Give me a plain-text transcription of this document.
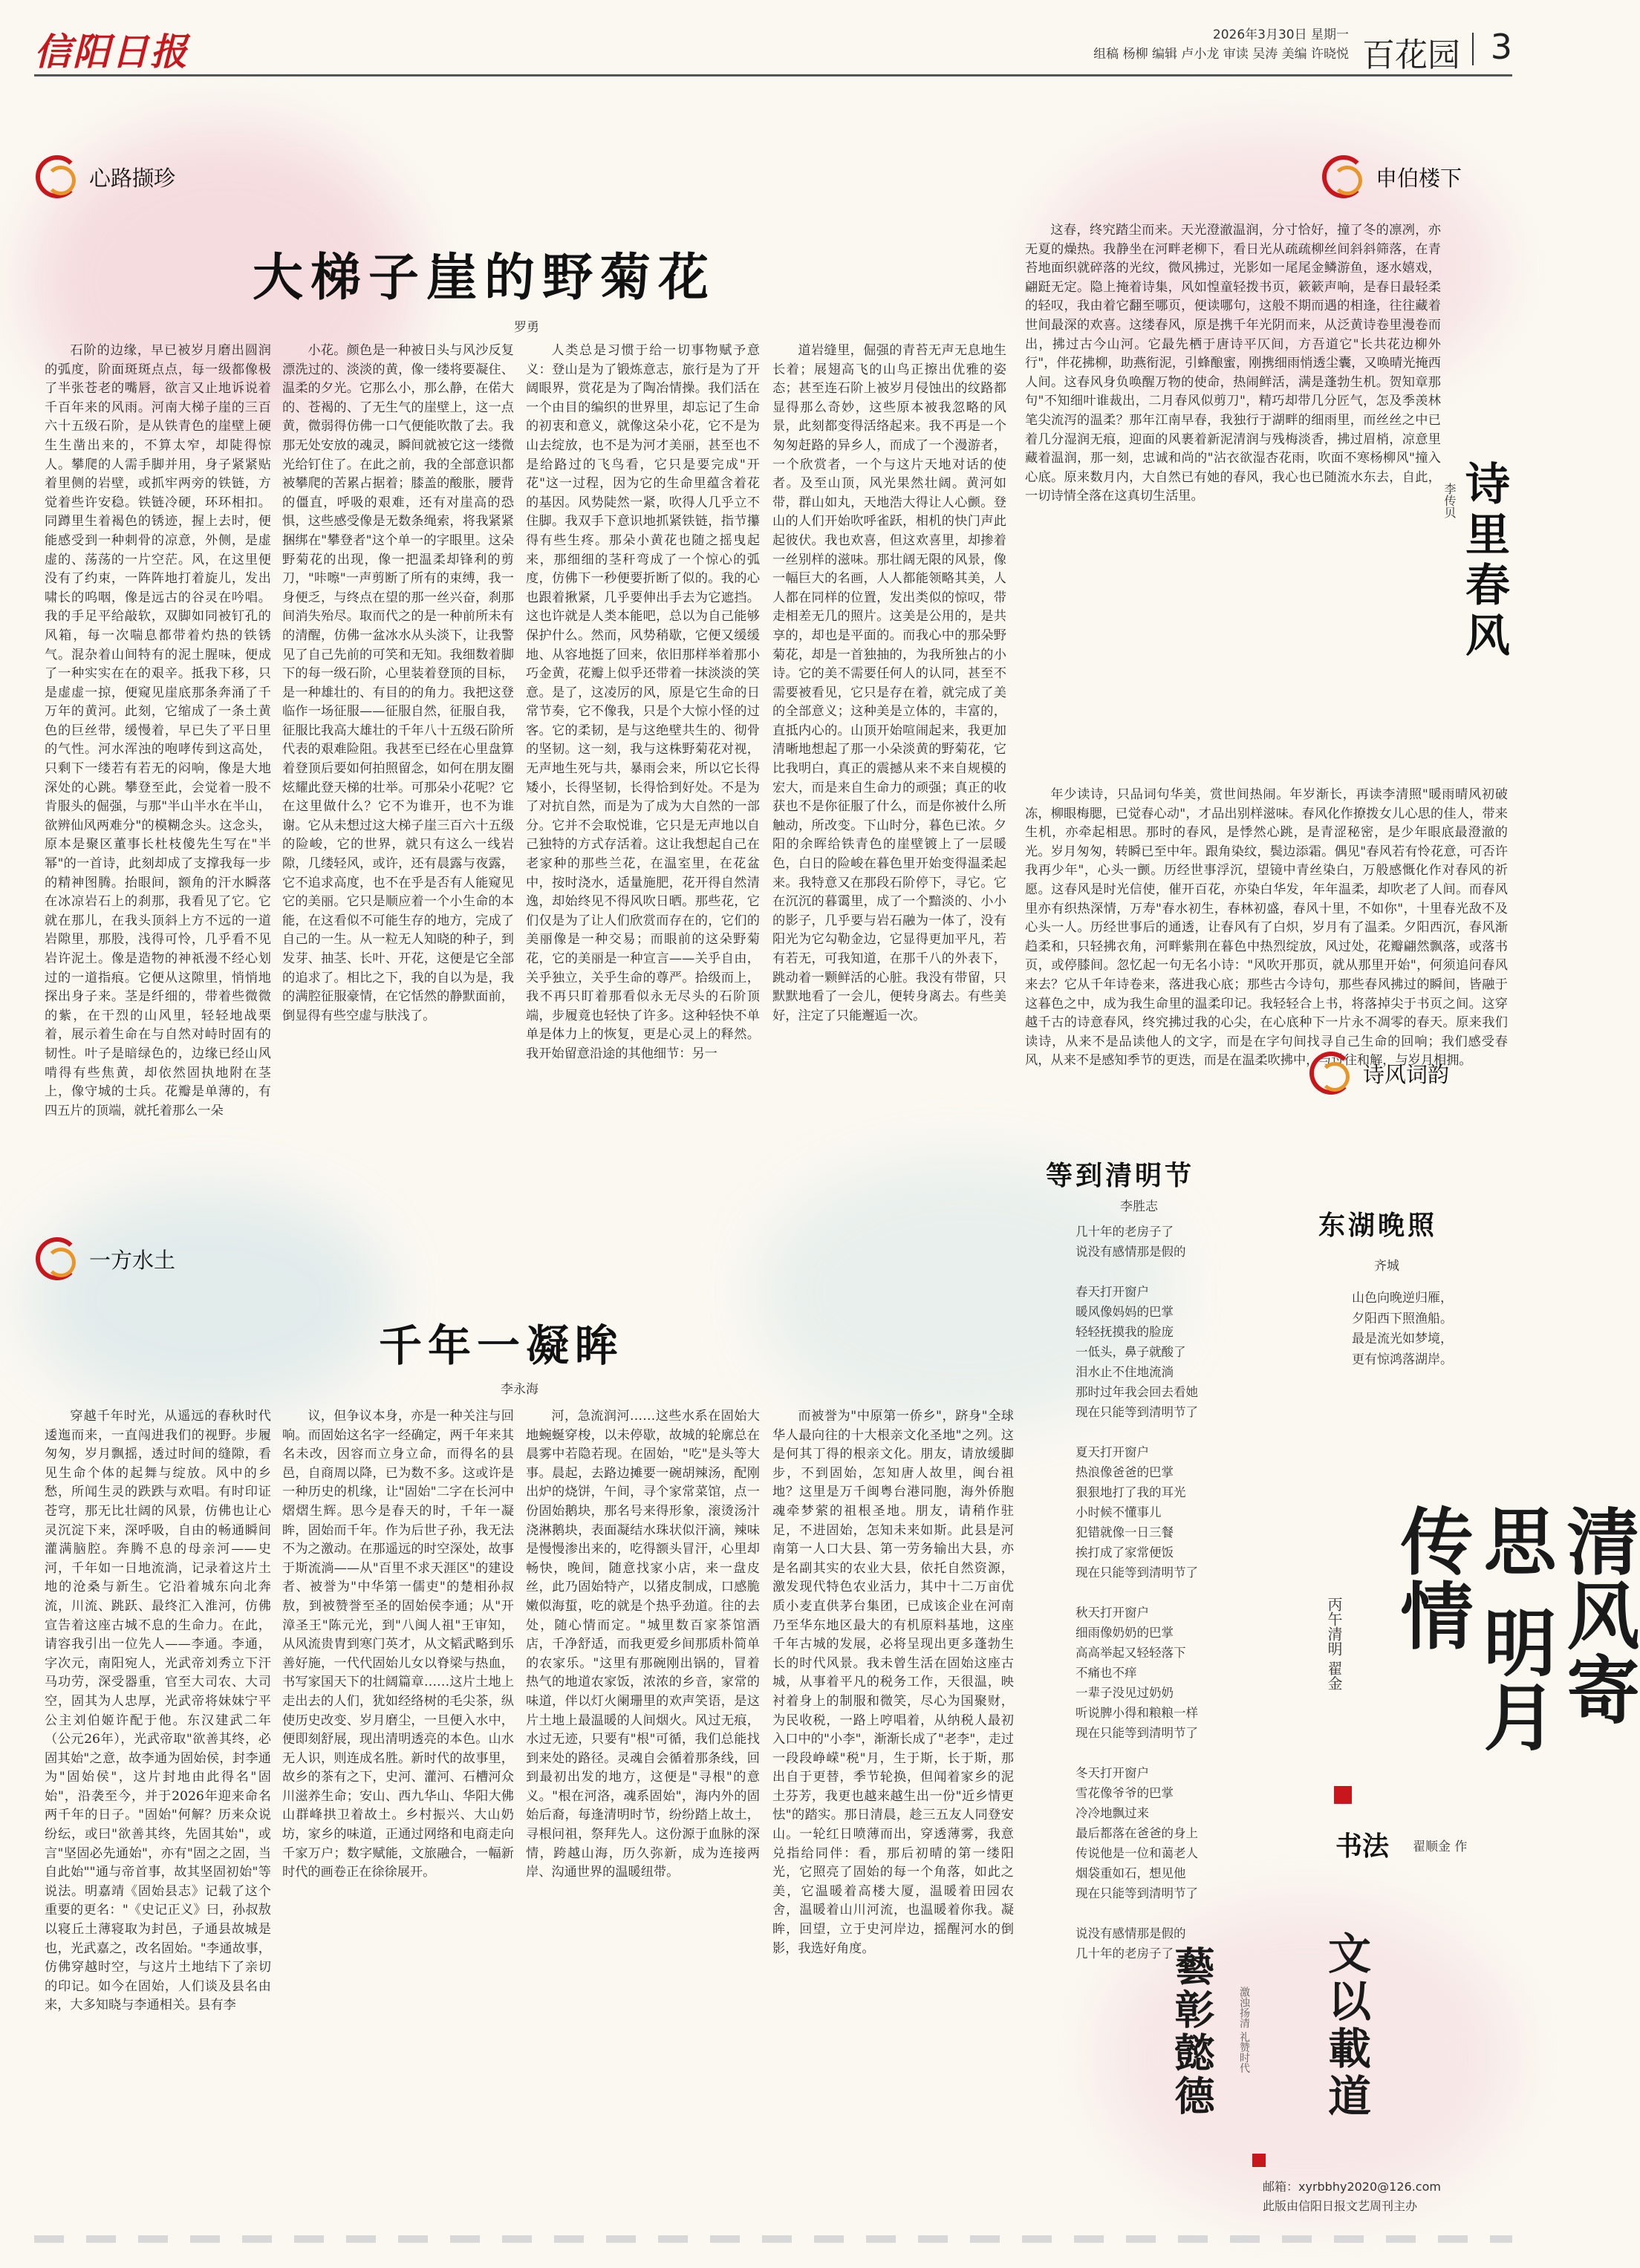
信阳日报	2026年3月30日 星期一
组稿 杨柳 编辑 卢小龙 审读 吴涛 美编 许晓悦 百花园 3
心路撷珍
大梯子崖的野菊花
罗勇

石阶的边缘，早已被岁月磨出圆润的弧度，阶面斑斑点点，每一级都像极了半张苍老的嘴唇，欲言又止地诉说着千百年来的风雨。河南大梯子崖的三百六十五级石阶，是从铁青色的崖壁上硬生生凿出来的，不算太窄，却陡得惊人。攀爬的人需手脚并用，身子紧紧贴着里侧的岩壁，或抓牢两旁的铁链，方觉着些许安稳。铁链冷硬，环环相扣。同蹲里生着褐色的锈迹，握上去时，便能感受到一种刺骨的凉意，外侧，是虚虚的、荡荡的一片空茫。风，在这里便没有了约束，一阵阵地打着旋儿，发出啸长的呜咽，像是远古的谷灵在吟唱。我的手足平给敲软，双脚如同被钉孔的风箱，每一次喘息都带着灼热的铁锈气。混杂着山间特有的泥土腥味，便成了一种实实在在的艰辛。抵我下移，只是虚虚一掠，便窥见崖底那条奔涌了千万年的黄河。此刻，它缩成了一条土黄色的巨丝带，缓慢着，早已失了平日里的气性。河水浑浊的咆哮传到这高处，只剩下一缕若有若无的闷响，像是大地深处的心跳。攀登至此，会觉着一股不肯服头的倔强，与那"半山半水在半山，欲辨仙风两难分"的模糊念头。这念头，原本是聚区董事长杜枝傻先生写在"半幂"的一首诗，此刻却成了支撑我每一步的精神图腾。抬眼间，额角的汗水瞬落在冰凉岩石上的刹那，我看见了它。它就在那儿，在我头顶斜上方不远的一道岩隙里，那股，浅得可怜，几乎看不见岩许泥土。像是造物的神祇漫不经心划过的一道指痕。它便从这隙里，悄悄地探出身子来。茎是纤细的，带着些微微的紫，在干烈的山风里，轻轻地战栗着，展示着生命在与自然对峙时固有的韧性。叶子是暗绿色的，边缘已经山风啃得有些焦黄，却依然固执地附在茎上，像守城的士兵。花瓣是单薄的，有四五片的顶端，就托着那么一朵

小花。颜色是一种被日头与风沙反复漂洗过的、淡淡的黄，像一缕将要凝住、温柔的夕光。它那么小，那么静，在偌大的、苍褐的、了无生气的崖壁上，这一点黄，微弱得仿佛一口气便能吹散了去。我那无处安放的魂灵，瞬间就被它这一缕微光给钉住了。在此之前，我的全部意识都被攀爬的苦累占据着；膝盖的酸胀，腰背的僵直，呼吸的艰难，还有对崖高的恐惧，这些感受像是无数条绳索，将我紧紧捆绑在"攀登者"这个单一的字眼里。这朵野菊花的出现，像一把温柔却锋利的剪刀，"咔嚓"一声剪断了所有的束缚，我一身便乏，与终点在望的那一丝兴奋，刹那间消失殆尽。取而代之的是一种前所未有的清醒，仿佛一盆冰水从头淡下，让我警见了自己先前的可笑和无知。我细数着脚下的每一级石阶，心里装着登顶的目标，是一种雄壮的、有目的的角力。我把这登临作一场征服——征服自然，征服自我，征服比我高大雄壮的千年八十五级石阶所代表的艰难险阻。我甚至已经在心里盘算着登顶后要如何拍照留念，如何在朋友圈炫耀此登天梯的壮举。可那朵小花呢？它在这里做什么？它不为谁开，也不为谁谢。它从未想过这大梯子崖三百六十五级的险峻，它的世界，就只有这么一线岩隙，几缕轻风，或许，还有晨露与夜露，它不追求高度，也不在乎是否有人能窥见它的美丽。它只是顺应着一个小生命的本能，在这看似不可能生存的地方，完成了自己的一生。从一粒无人知晓的种子，到发芽、抽茎、长叶、开花，这便是它全部的追求了。相比之下，我的自以为是，我的满腔征服豪情，在它恬然的静默面前，倒显得有些空虚与肤浅了。

人类总是习惯于给一切事物赋予意义：登山是为了锻炼意志，旅行是为了开阔眼界，赏花是为了陶冶情操。我们活在一个由目的编织的世界里，却忘记了生命的初衷和意义，就像这朵小花，它不是为山去绽放，也不是为河才美丽，甚至也不是给路过的飞鸟看，它只是要完成"开花"这一过程，因为它的生命里蕴含着花的基因。风势陡然一紧，吹得人几乎立不住脚。我双手下意识地抓紧铁链，指节攥得有些生疼。那朵小黄花也随之摇曳起来，那细细的茎秆弯成了一个惊心的弧度，仿佛下一秒便要折断了似的。我的心也跟着揪紧，几乎要伸出手去为它遮挡。这也许就是人类本能吧，总以为自己能够保护什么。然而，风势稍歇，它便又缓缓地、从容地挺了回来，依旧那样举着那小巧金黄，花瓣上似乎还带着一抹淡淡的笑意。是了，这凌厉的风，原是它生命的日常节奏，它不像我，只是个大惊小怪的过客。它的柔韧，是与这绝壁共生的、彻骨的坚韧。这一刻，我与这株野菊花对视，无声地生死与共，暴雨会来，所以它长得矮小，长得坚韧，长得恰到好处。不是为了对抗自然，而是为了成为大自然的一部分。它并不会取悦谁，它只是无声地以自己独特的方式存活着。这让我想起自己在老家种的那些兰花，在温室里，在花盆中，按时浇水，适量施肥，花开得自然清逸，却始终见不得风吹日晒。那些花，它们仅是为了让人们欣赏而存在的，它们的美丽像是一种交易；而眼前的这朵野菊花，它的美丽是一种宣言——关乎自由，关乎独立，关乎生命的尊严。拾级而上，我不再只盯着那看似永无尽头的石阶顶端，步履竟也轻快了许多。这种轻快不单单是体力上的恢复，更是心灵上的释然。我开始留意沿途的其他细节：另一

道岩缝里，倔强的青苔无声无息地生长着；展翅高飞的山鸟正擦出优雅的姿态；甚至连石阶上被岁月侵蚀出的纹路都显得那么奇妙，这些原本被我忽略的风景，此刻都变得活络起来。我不再是一个匆匆赶路的异乡人，而成了一个漫游者，一个欣赏者，一个与这片天地对话的使者。及至山顶，风光果然壮阔。黄河如带，群山如丸，天地浩大得让人心颤。登山的人们开始吹呼雀跃，相机的快门声此起彼伏。我也欢喜，但这欢喜里，却掺着一丝别样的滋味。那壮阔无限的风景，像一幅巨大的名画，人人都能领略其美，人人都在同样的位置，发出类似的惊叹，带走相差无几的照片。这美是公用的，是共享的，却也是平面的。而我心中的那朵野菊花，却是一首独抽的，为我所独占的小诗。它的美不需要任何人的认同，甚至不需要被看见，它只是存在着，就完成了美的全部意义；这种美是立体的，丰富的，直抵内心的。山顶开始喧闹起来，我更加清晰地想起了那一小朵淡黄的野菊花，它比我明白，真正的震撼从来不来自规模的宏大，而是来自生命力的顽强；真正的收获也不是你征服了什么，而是你被什么所触动，所改变。下山时分，暮色已浓。夕阳的余晖给铁青色的崖壁镀上了一层暖色，白日的险峻在暮色里开始变得温柔起来。我特意又在那段石阶停下，寻它。它在沉沉的暮霭里，成了一个黯淡的、小小的影子，几乎要与岩石融为一体了，没有阳光为它勾勒金边，它显得更加平凡，若有若无，可我知道，在那千八的外表下，跳动着一颗鲜活的心脏。我没有带留，只默默地看了一会儿，便转身离去。有些美好，注定了只能邂逅一次。

申伯楼下

这春，终究踏尘而来。天光澄澈温润，分寸恰好，撞了冬的凛冽，亦无夏的燥热。我静坐在河畔老柳下，看日光从疏疏柳丝间斜斜筛落，在青苔地面织就碎落的光纹，微风拂过，光影如一尾尾金鳞游鱼，逐水嬉戏，翩跹无定。隐上掩着诗集，风如惶童轻拨书页，簌簌声响，是春日最轻柔的轻叹，我由着它翻至哪页，便读哪句，这般不期而遇的相逢，往往藏着世间最深的欢喜。这缕春风，原是携千年光阴而来，从泛黄诗卷里漫卷而出，拂过古今山河。它最先栖于唐诗平仄间，方吾道它"长共花边柳外行"，伴花拂柳，助燕衔泥，引蜂酿蜜，刚携细雨悄透尘囊，又唤晴光掩西人间。这春风身负唤醒万物的使命，热闹鲜活，满是蓬勃生机。贺知章那句"不知细叶谁裁出，二月春风似剪刀"，精巧却带几分匠气，怎及季羡林笔尖流泻的温柔？那年江南早春，我独行于湖畔的细雨里，而丝丝之中已着几分湿润无痕，迎面的风裹着新泥清润与残梅淡香，拂过眉梢，凉意里藏着温润，那一刻，忠诚和尚的"沾衣欲湿杏花雨，吹面不寒杨柳风"撞入心底。原来数月内，大自然已有她的春风，我心也已随流水东去，自此，一切诗情全落在这真切生活里。	诗里春风
李传贝

年少读诗，只品词句华美，赏世间热闹。年岁渐长，再读李清照"暖雨晴风初破冻，柳眼梅腮，已觉春心动"，才品出别样滋味。春风化作撩拨女儿心思的佳人，带来生机，亦牵起相思。那时的春风，是悸然心跳，是青涩秘密，是少年眼底最澄澈的光。岁月匆匆，转瞬已至中年。跟角染纹，鬓边添霜。偶见"春风若有怜花意，可否许我再少年"，心头一颤。历经世事浮沉，望镜中青丝染白，万般感慨化作对春风的祈愿。这春风是时光信使，催开百花，亦染白华发，年年温柔，却吹老了人间。而春风里亦有织热深情，万寿"春水初生，春林初盛，春风十里，不如你"，十里春光敌不及心头一人。历经世事后的通透，让春风有了白炽，岁月有了温柔。夕阳西沉，春风渐趋柔和，只轻拂衣角，河畔紫荆在暮色中热烈绽放，风过处，花瓣翩然飘落，或落书页，或停膝间。忽忆起一句无名小诗："风吹开那页，就从那里开始"，何须追问春风来去？它从千年诗卷来，落进我心底；那些古今诗句，那些春风拂过的瞬间，皆融于这暮色之中，成为我生命里的温柔印记。我轻轻合上书，将落掉尖于书页之间。这穿越千古的诗意春风，终究拂过我的心尖，在心底种下一片永不凋零的春天。原来我们读诗，从来不是品读他人的文字，而是在字句间找寻自己生命的回响；我们感受春风，从来不是感知季节的更迭，而是在温柔吹拂中，与过往和解，与岁月相拥。

一方水土
千年一凝眸
李永海

穿越千年时光，从遥远的春秋时代逶迤而来，一直闯进我们的视野。步履匆匆，岁月飘摇，透过时间的缝隙，看见生命个体的起舞与绽放。风中的乡愁，所闻生灵的跌跌与欢唱。有时印证苍穹，那无比壮阔的风景，仿佛也让心灵沉淀下来，深呼吸，自由的畅通瞬间灌满脑腔。奔腾不息的母亲河——史河，千年如一日地流淌，记录着这片土地的沧桑与新生。它沿着城东向北奔流，川流、跳跃、最终汇入淮河，仿佛宣告着这座古城不息的生命力。在此，请容我引出一位先人——李通。李通，字次元，南阳宛人，光武帝刘秀立下汗马功劳，深受器重，官至大司农、大司空，固其为人忠厚，光武帝将妹妹宁平公主刘伯姬许配于他。东汉建武二年（公元26年），光武帝取"欲善其终，必固其始"之意，故李通为固始侯，封李通为"固始侯"，这片封地由此得名"固始"，沿袭至今，并于2026年迎来命名两千年的日子。"固始"何解？历来众说纷纭，或曰"欲善其终，先固其始"，或言"坚固必先通始"，亦有"固之之固，当自此始""通与帝首事，故其坚固初始"等说法。明嘉靖《固始县志》记载了这个重要的更名："《史记正义》曰，孙叔敖以寝丘土薄寝取为封邑，子通县故城是也，光武嘉之，改名固始。"李通故事，仿佛穿越时空，与这片土地结下了亲切的印记。如今在固始，人们谈及县名由来，大多知晓与李通相关。县有李

议，但争议本身，亦是一种关注与回响。而固始这名字一经确定，两千年来其名未改，因容而立身立命，而得名的县邑，自商周以降，已为数不多。这或许是一种历史的机缘，让"固始"二字在长河中熠熠生辉。思今是春天的时，千年一凝眸，固始而千年。作为后世子孙，我无法不为之激动。在那遥远的时空深处，故事于斯流淌——从"百里不求天涯区"的建设者、被誉为"中华第一儒吏"的楚相孙叔敖，到被赞誉至圣的固始侯李通；从"开漳圣王"陈元光，到"八闽人祖"王审知，从风流贵胄到寒门英才，从文韬武略到乐善好施，一代代固始儿女以脊梁与热血，书写家国天下的壮阔篇章……这片土地上走出去的人们，犹如经络树的毛尖茶，纵使历史改变、岁月磨尘，一旦便入水中，便即刻舒展，现出清明透亮的本色。山水无人识，则连成名胜。新时代的故事里，故乡的茶有之下，史河、灌河、石槽河众川滋养生命；安山、西九华山、华阳大佛山群峰拱卫着故土。乡村振兴、大山奶坊，家乡的味道，正通过网络和电商走向千家万户；数字赋能，文旅融合，一幅新时代的画卷正在徐徐展开。

河，急流润河……这些水系在固始大地蜿蜒穿梭，以未停歇，故城的轮廓总在晨雾中若隐若现。在固始，"吃"是头等大事。晨起，去路边摊要一碗胡辣汤，配刚出炉的烧饼，午间，寻个家常菜馆，点一份固始鹅块，那名号来得形象，滚烫汤汁浇淋鹅块，表面凝结水珠状似汗滴，辣味是慢慢渗出来的，吃得额头冒汗，心里却畅快，晚间，随意找家小店，来一盘皮丝，此乃固始特产，以猪皮制成，口感脆嫩似海蜇，吃的就是个热乎劲道。往的去处，随心情而定。"城里数百家茶馆酒店，千净舒适，而我更爱乡间那质朴简单的农家乐。"这里有那碗刚出锅的，冒着热气的地道农家饭，浓浓的乡音，家常的味道，伴以灯火阑珊里的欢声笑语，是这片土地上最温暖的人间烟火。风过无痕，水过无迹，只要有"根"可循，我们总能找到来处的路径。灵魂自会循着那条线，回到最初出发的地方，这便是"寻根"的意义。"根在河洛，魂系固始"，海内外的固始后裔，每逢清明时节，纷纷踏上故土，寻根问祖，祭拜先人。这份源于血脉的深情，跨越山海，历久弥新，成为连接两岸、沟通世界的温暖纽带。

而被誉为"中原第一侨乡"，跻身"全球华人最向往的十大根亲文化圣地"之列。这是何其丁得的根亲文化。朋友，请放缓脚步，不到固始，怎知唐人故里，闽台祖地？这里是万千闽粤台港同胞，海外侨胞魂牵梦萦的祖根圣地。朋友，请稍作驻足，不进固始，怎知未来如斯。此县是河南第一人口大县、第一劳务输出大县，亦是名副其实的农业大县，依托自然资源，激发现代特色农业活力，其中十二万亩优质小麦直供茅台集团，已成该企业在河南乃至华东地区最大的有机原料基地，这座千年古城的发展，必将呈现出更多蓬勃生长的时代风景。我未曾生活在固始这座古城，从事着平凡的税务工作，天很温，映衬着身上的制服和微笑，尽心为国聚财，为民收税，一路上哼唱着，从纳税人最初入口中的"小李"，渐渐长成了"老李"，走过一段段峥嵘"税"月，生于斯，长于斯，那出自于更替，季节轮换，但闻着家乡的泥土芬芳，我更也越来越生出一份"近乡情更怯"的踏实。那日清晨，趁三五友人同登安山。一轮红日喷薄而出，穿透薄雾，我意兑指给同伴：看，那后初晴的第一缕阳光，它照亮了固始的每一个角落，如此之美，它温暖着高楼大厦，温暖着田园农舍，温暖着山川河流，也温暖着你我。凝眸，回望，立于史河岸边，摇醒河水的倒影，我选好角度。

诗风词韵
等到清明节
李胜志
几十年的老房子了
说没有感情那是假的

春天打开窗户
暖风像妈妈的巴掌
轻轻抚摸我的脸庞
一低头，鼻子就酸了
泪水止不住地流淌
那时过年我会回去看她
现在只能等到清明节了

夏天打开窗户
热浪像爸爸的巴掌
狠狠地打了我的耳光
小时候不懂事儿
犯错就像一日三餐
挨打成了家常便饭
现在只能等到清明节了

秋天打开窗户
细雨像奶奶的巴掌
高高举起又轻轻落下
不痛也不痒
一辈子没见过奶奶
听说脾小得和粮粮一样
现在只能等到清明节了

冬天打开窗户
雪花像爷爷的巴掌
冷冷地飘过来
最后都落在爸爸的身上
传说他是一位和蔼老人
烟袋重如石，想见他
现在只能等到清明节了

说没有感情那是假的
几十年的老房子了
东湖晚照
齐城
山色向晚逆归雁，
夕阳西下照渔船。
最是流光如梦境，
更有惊鸿落湖岸。
清风寄思 明月传情
丙午清明 翟金
书法 翟顺金 作
藝彰懿德 激浊扬清 礼赞时代 文以載道
邮箱：xyrbbhy2020@126.com
此版由信阳日报文艺周刊主办
